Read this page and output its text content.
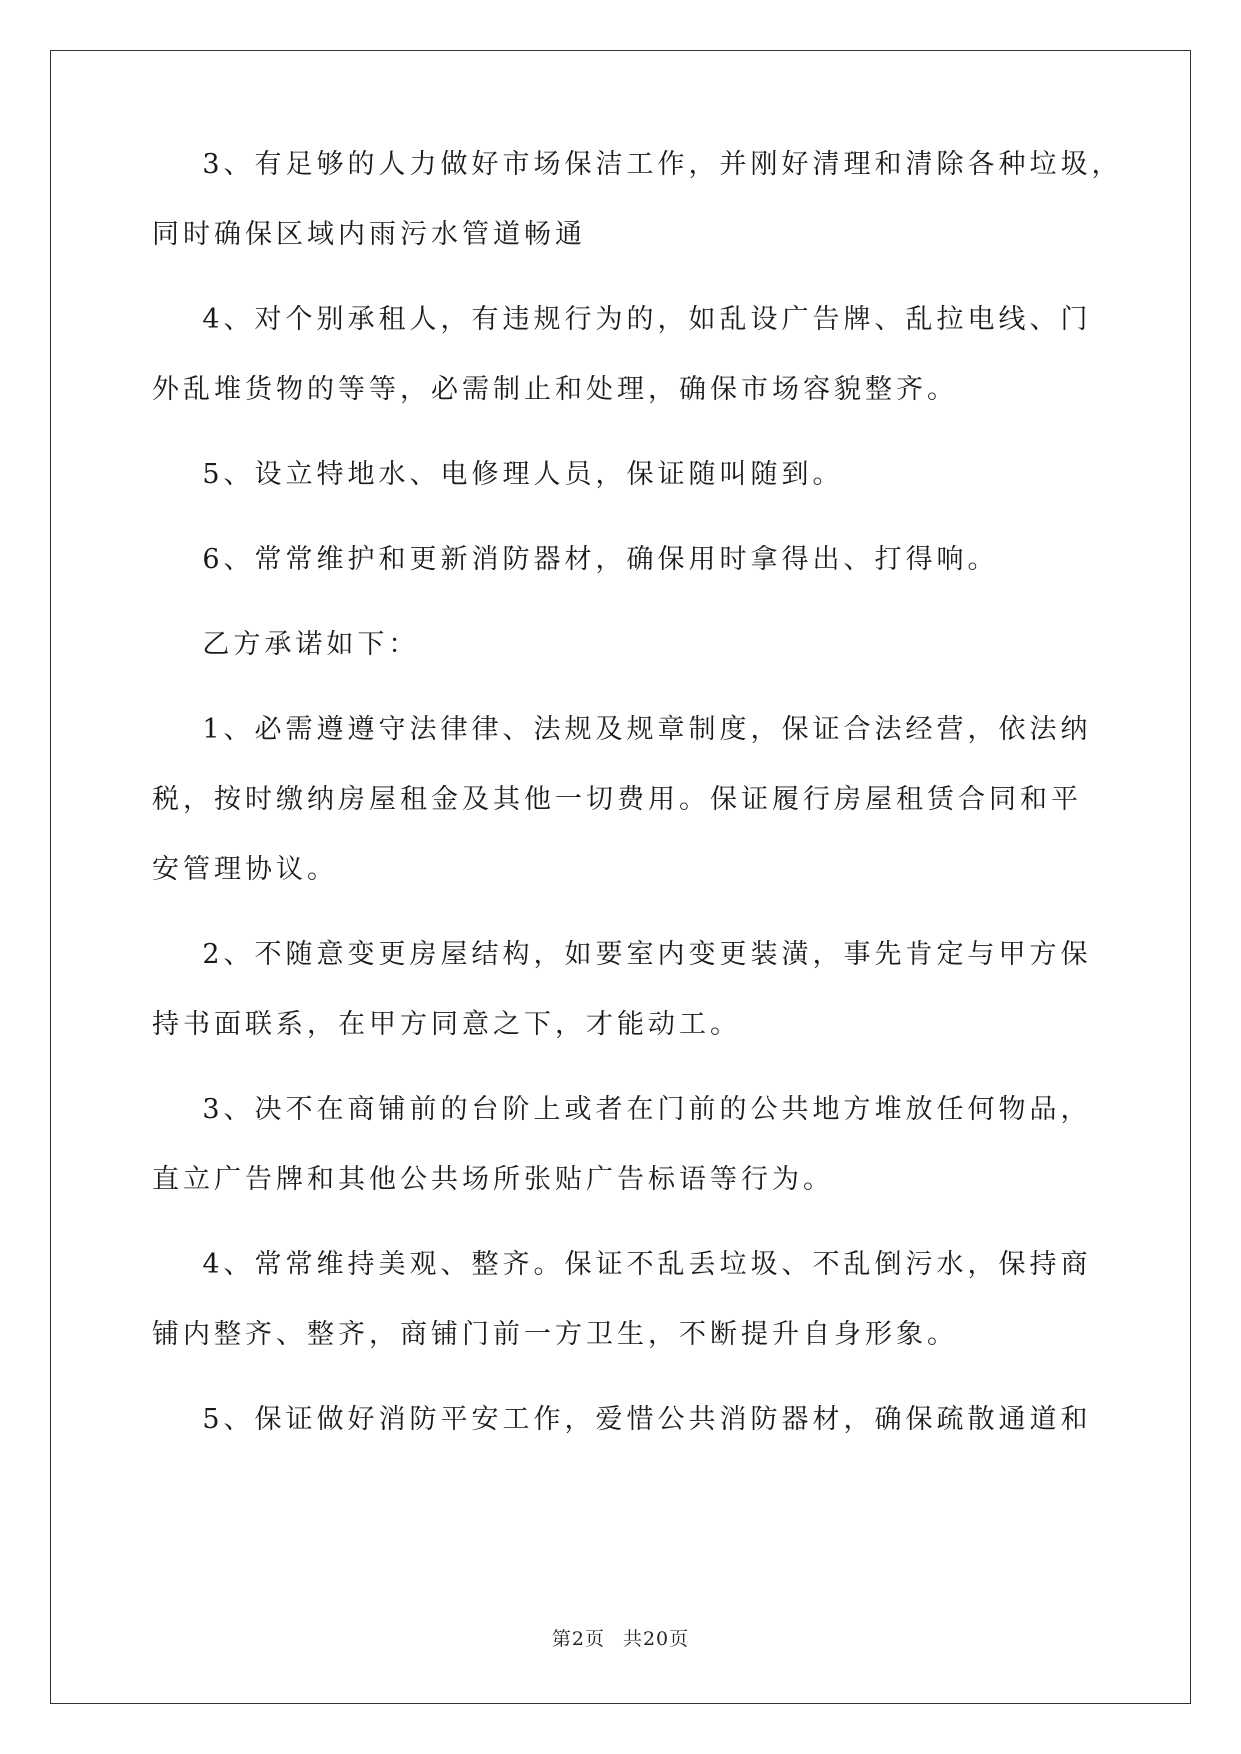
3、有足够的人力做好市场保洁工作，并刚好清理和清除各种垃圾，
同时确保区域内雨污水管道畅通
4、对个别承租人，有违规行为的，如乱设广告牌、乱拉电线、门
外乱堆货物的等等，必需制止和处理，确保市场容貌整齐。
5、设立特地水、电修理人员，保证随叫随到。
6、常常维护和更新消防器材，确保用时拿得出、打得响。
乙方承诺如下：
1、必需遵遵守法律律、法规及规章制度，保证合法经营，依法纳
税，按时缴纳房屋租金及其他一切费用。保证履行房屋租赁合同和平
安管理协议。
2、不随意变更房屋结构，如要室内变更装潢，事先肯定与甲方保
持书面联系，在甲方同意之下，才能动工。
3、决不在商铺前的台阶上或者在门前的公共地方堆放任何物品，
直立广告牌和其他公共场所张贴广告标语等行为。
4、常常维持美观、整齐。保证不乱丢垃圾、不乱倒污水，保持商
铺内整齐、整齐，商铺门前一方卫生，不断提升自身形象。
5、保证做好消防平安工作，爱惜公共消防器材，确保疏散通道和
第2页 共20页
